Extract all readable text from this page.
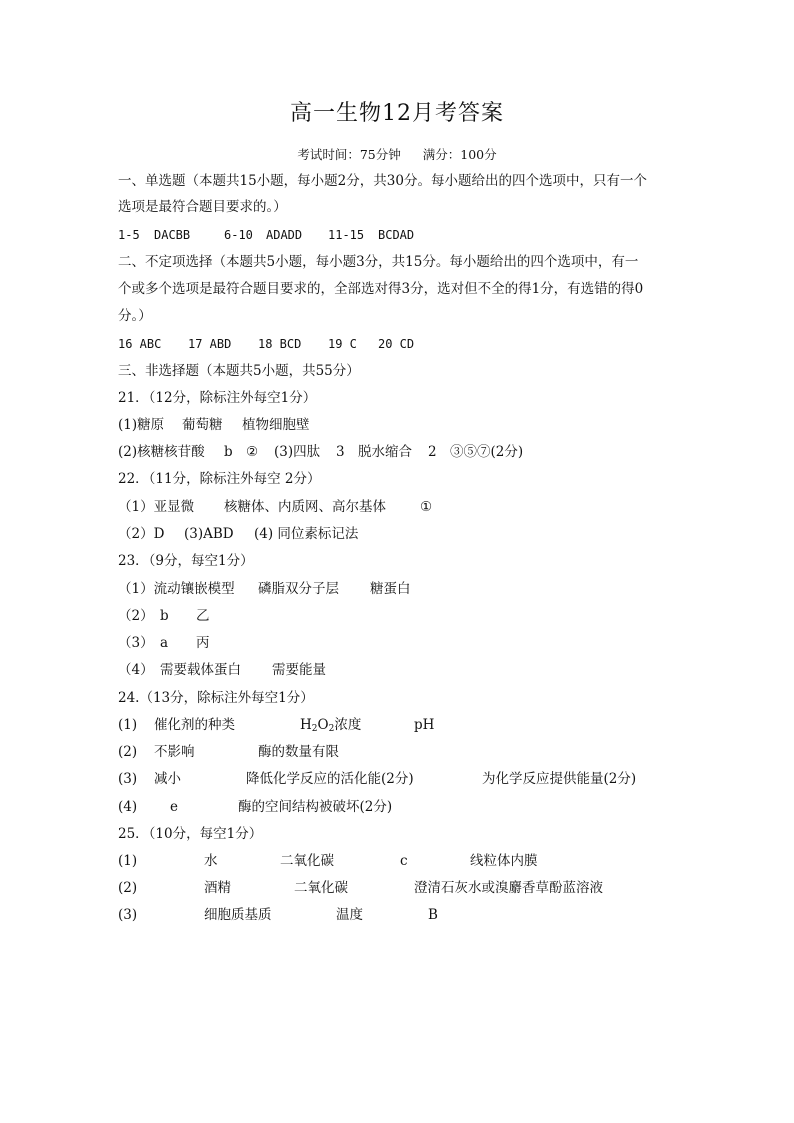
高一生物12月考答案
考试时间：75分钟 满分：100分
一、单选题（本题共15小题，每小题2分，共30分。每小题给出的四个选项中，只有一个
选项是最符合题目要求的。）
1-5 DACBB	6-10 ADADD 11-15 BCDAD
二、不定项选择（本题共5小题，每小题3分，共15分。每小题给出的四个选项中，有一
个或多个选项是最符合题目要求的，全部选对得3分，选对但不全的得1分，有选错的得0
分。）
16 ABC 17 ABD 18 BCD 19 C 20 CD
三、非选择题（本题共5小题，共55分）
21．（12分，除标注外每空1分）
(1)糖原 葡萄糖 植物细胞壁
(2)核糖核苷酸 b ② (3)四肽 3 脱水缩合 2 ③⑤⑦(2分)
22．（11分，除标注外每空 2分）
（1）亚显微 核糖体、内质网、高尔基体	①
（2）D (3)ABD (4) 同位素标记法
23．（9分，每空1分）
（1）流动镶嵌模型 磷脂双分子层 糖蛋白
（2） b 乙
（3） a 丙
（4） 需要载体蛋白 需要能量
24.（13分，除标注外每空1分）
(1) 催化剂的种类	$H_2O_2$浓度	pH
(2) 不影响	酶的数量有限
(3) 减小	降低化学反应的活化能(2分)	为化学反应提供能量(2分)
(4) e	酶的空间结构被破坏(2分)
25．（10分，每空1分）
(1)	水	二氧化碳	c	线粒体内膜
(2)	酒精	二氧化碳	澄清石灰水或溴麝香草酚蓝溶液
(3)	细胞质基质	温度	B
